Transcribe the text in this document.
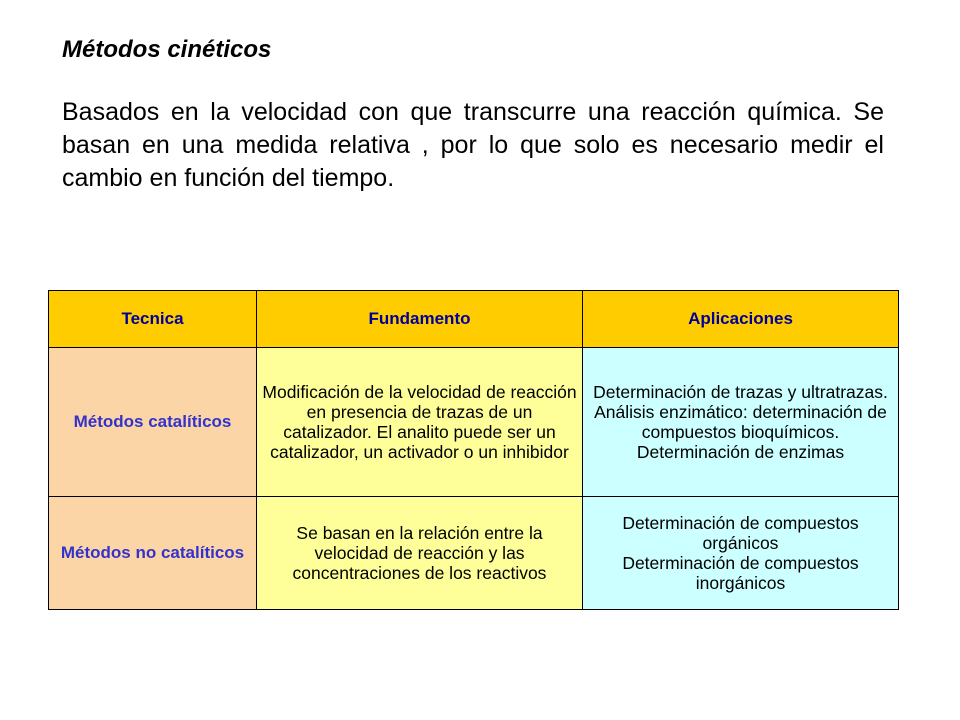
Métodos cinéticos
Basados en la velocidad con que transcurre una reacción química. Se basan en una medida relativa , por lo que solo es necesario medir el cambio en función del tiempo.
Tecnica	Fundamento	Aplicaciones
Métodos catalíticos	Modificación de la velocidad de reacción en presencia de trazas de un catalizador. El analito puede ser un catalizador, un activador o un inhibidor	Determinación de trazas y ultratrazas.
Análisis enzimático: determinación de compuestos bioquímicos.
Determinación de enzimas

Métodos no catalíticos	Se basan en la relación entre la velocidad de reacción y las concentraciones de los reactivos	Determinación de compuestos orgánicos
Determinación de compuestos inorgánicos
